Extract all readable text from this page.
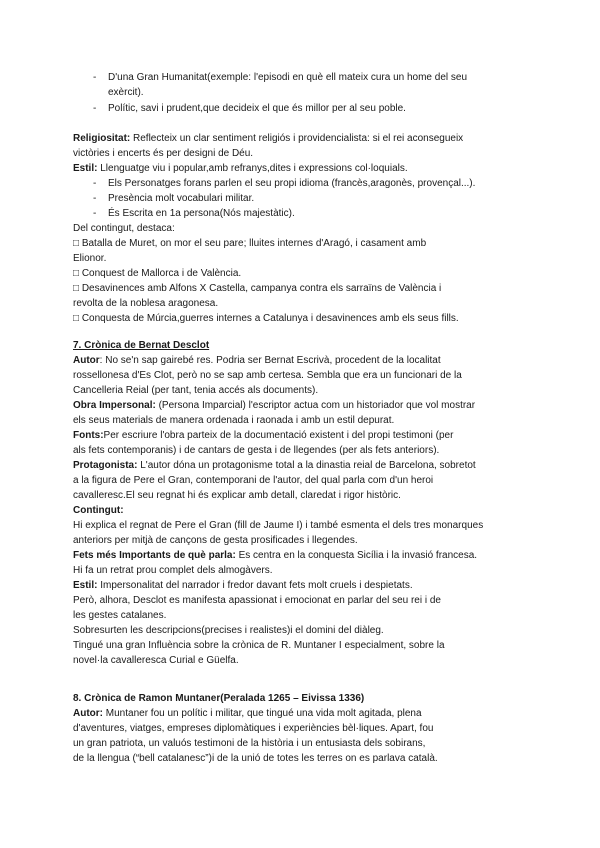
- D'una Gran Humanitat(exemple: l'episodi en què ell mateix cura un home del seu
exèrcit).
- Polític, savi i prudent,que decideix el que és millor per al seu poble.
Religiositat: Reflecteix un clar sentiment religiós i providencialista: si el rei aconsegueix
victòries i encerts és per designi de Déu.
Estil: Llenguatge viu i popular,amb refranys,dites i expressions col·loquials.
- Els Personatges forans parlen el seu propi idioma (francès,aragonès, provençal...).
- Presència molt vocabulari militar.
- És Escrita en 1a persona(Nós majestàtic).
Del contingut, destaca:
□ Batalla de Muret, on mor el seu pare; lluites internes d'Aragó, i casament amb
Elionor.
□ Conquest de Mallorca i de València.
□ Desavinences amb Alfons X Castella, campanya contra els sarraïns de València i
revolta de la noblesa aragonesa.
□ Conquesta de Múrcia,guerres internes a Catalunya i desavinences amb els seus fills.
7. Crònica de Bernat Desclot
Autor: No se'n sap gairebé res. Podria ser Bernat Escrivà, procedent de la localitat
rossellonesa d'Es Clot, però no se sap amb certesa. Sembla que era un funcionari de la
Cancelleria Reial (per tant, tenia accés als documents).
Obra Impersonal: (Persona Imparcial) l'escriptor actua com un historiador que vol mostrar
els seus materials de manera ordenada i raonada i amb un estil depurat.
Fonts:Per escriure l'obra parteix de la documentació existent i del propi testimoni (per
als fets contemporanis) i de cantars de gesta i de llegendes (per als fets anteriors).
Protagonista: L'autor dóna un protagonisme total a la dinastia reial de Barcelona, sobretot
a la figura de Pere el Gran, contemporani de l'autor, del qual parla com d'un heroi
cavalleresc.El seu regnat hi és explicar amb detall, claredat i rigor històric.
Contingut:
Hi explica el regnat de Pere el Gran (fill de Jaume I) i també esmenta el dels tres monarques
anteriors per mitjà de cançons de gesta prosificades i llegendes.
Fets més Importants de què parla: Es centra en la conquesta Sicília i la invasió francesa.
Hi fa un retrat prou complet dels almogàvers.
Estil: Impersonalitat del narrador i fredor davant fets molt cruels i despietats.
Però, alhora, Desclot es manifesta apassionat i emocionat en parlar del seu rei i de
les gestes catalanes.
Sobresurten les descripcions(precises i realistes)i el domini del diàleg.
Tingué una gran Influència sobre la crònica de R. Muntaner I especialment, sobre la
novel·la cavalleresca Curial e Güelfa.
8. Crònica de Ramon Muntaner(Peralada 1265 – Eivissa 1336)
Autor: Muntaner fou un polític i militar, que tingué una vida molt agitada, plena
d'aventures, viatges, empreses diplomàtiques i experiències bèl·liques. Apart, fou
un gran patriota, un valuós testimoni de la història i un entusiasta dels sobirans,
de la llengua (“bell catalanesc”)i de la unió de totes les terres on es parlava català.
